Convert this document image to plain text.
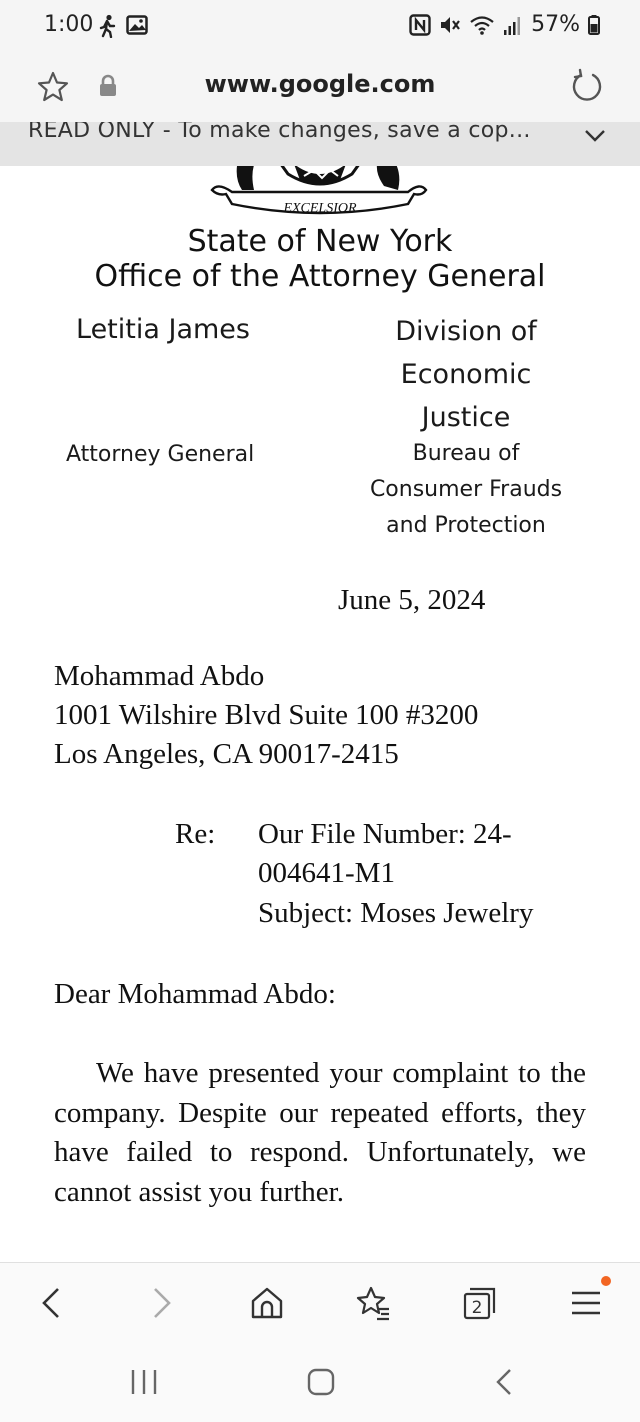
1:00	57%
www.google.com
READ ONLY - To make changes, save a cop...
EXCELSIOR
State of New York
Office of the Attorney General
Letitia James
Attorney General
Division of
Economic
Justice
Bureau of
Consumer Frauds
and Protection
June 5, 2024
Mohammad Abdo
1001 Wilshire Blvd Suite 100 #3200
Los Angeles, CA 90017-2415
Re: Our File Number: 24-
004641-M1
Subject: Moses Jewelry
Dear Mohammad Abdo:
We have presented your complaint to the company. Despite our repeated efforts, they have failed to respond. Unfortunately, we cannot assist you further.
2
